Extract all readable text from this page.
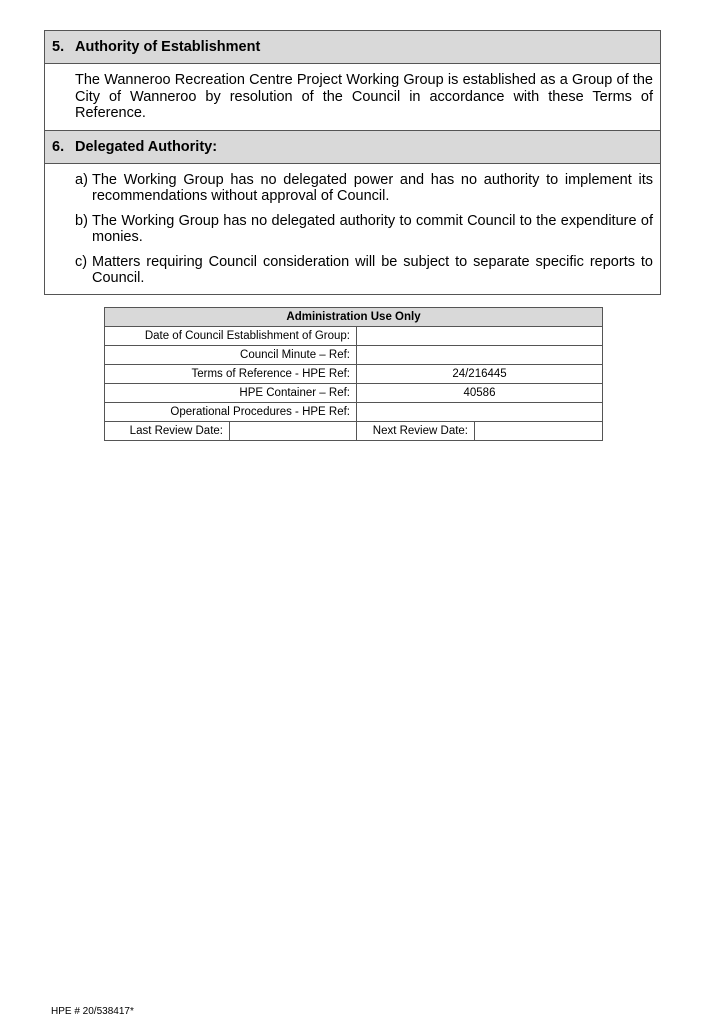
5. Authority of Establishment
The Wanneroo Recreation Centre Project Working Group is established as a Group of the City of Wanneroo by resolution of the Council in accordance with these Terms of Reference.
6. Delegated Authority:
a) The Working Group has no delegated power and has no authority to implement its recommendations without approval of Council.
b) The Working Group has no delegated authority to commit Council to the expenditure of monies.
c) Matters requiring Council consideration will be subject to separate specific reports to Council.
Administration Use Only
Date of Council Establishment of Group:	
Council Minute – Ref:	
Terms of Reference - HPE Ref:	24/216445
HPE Container – Ref:	40586
Operational Procedures - HPE Ref:	
Last Review Date:		Next Review Date:	
HPE # 20/538417*
